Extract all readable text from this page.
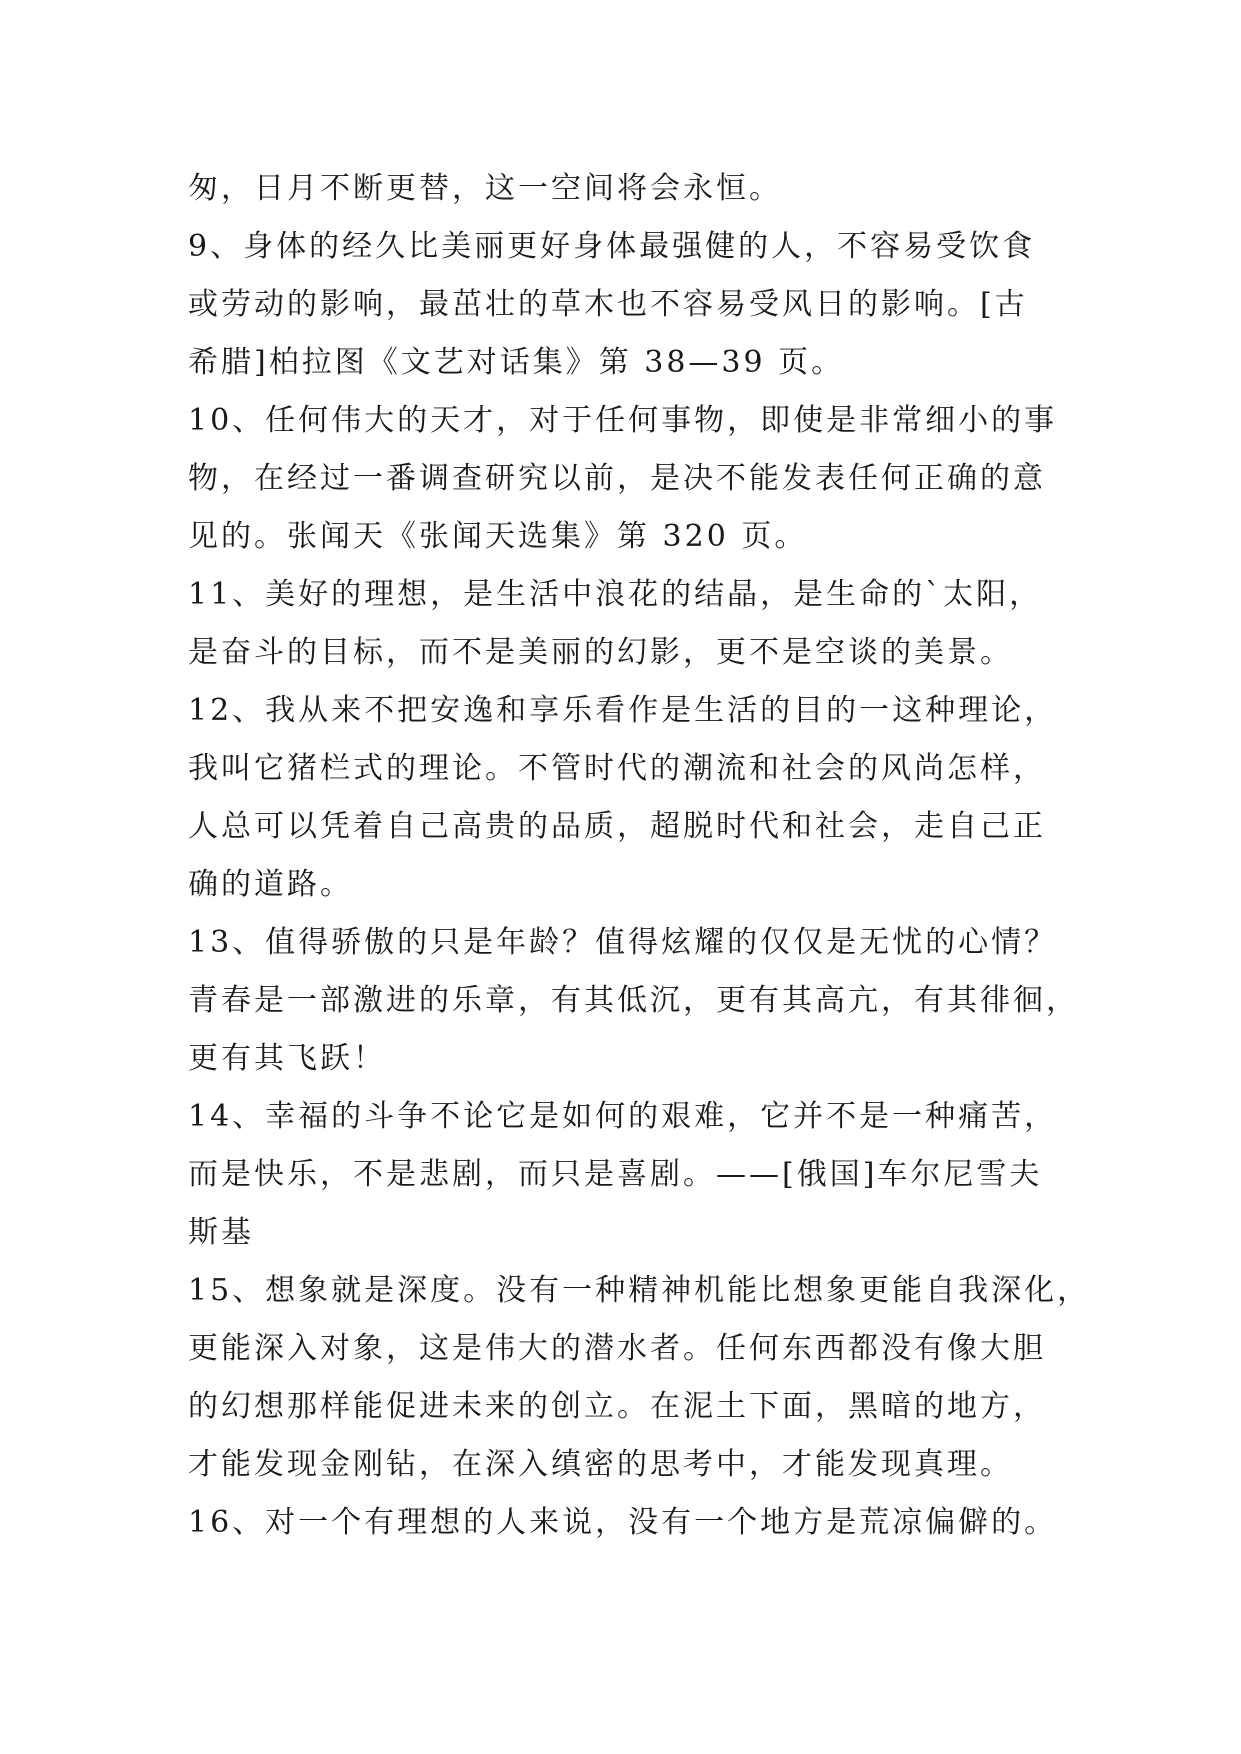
匆，日月不断更替，这一空间将会永恒。
9、身体的经久比美丽更好身体最强健的人，不容易受饮食
或劳动的影响，最茁壮的草木也不容易受风日的影响。[古
希腊]柏拉图《文艺对话集》第 38—39 页。
10、任何伟大的天才，对于任何事物，即使是非常细小的事
物，在经过一番调查研究以前，是决不能发表任何正确的意
见的。张闻天《张闻天选集》第 320 页。
11、美好的理想，是生活中浪花的结晶，是生命的`太阳，
是奋斗的目标，而不是美丽的幻影，更不是空谈的美景。
12、我从来不把安逸和享乐看作是生活的目的一这种理论，
我叫它猪栏式的理论。不管时代的潮流和社会的风尚怎样，
人总可以凭着自己高贵的品质，超脱时代和社会，走自己正
确的道路。
13、值得骄傲的只是年龄？值得炫耀的仅仅是无忧的心情？
青春是一部激进的乐章，有其低沉，更有其高亢，有其徘徊，
更有其飞跃！
14、幸福的斗争不论它是如何的艰难，它并不是一种痛苦，
而是快乐，不是悲剧，而只是喜剧。——[俄国]车尔尼雪夫
斯基
15、想象就是深度。没有一种精神机能比想象更能自我深化，
更能深入对象，这是伟大的潜水者。任何东西都没有像大胆
的幻想那样能促进未来的创立。在泥土下面，黑暗的地方，
才能发现金刚钻，在深入缜密的思考中，才能发现真理。
16、对一个有理想的人来说，没有一个地方是荒凉偏僻的。
